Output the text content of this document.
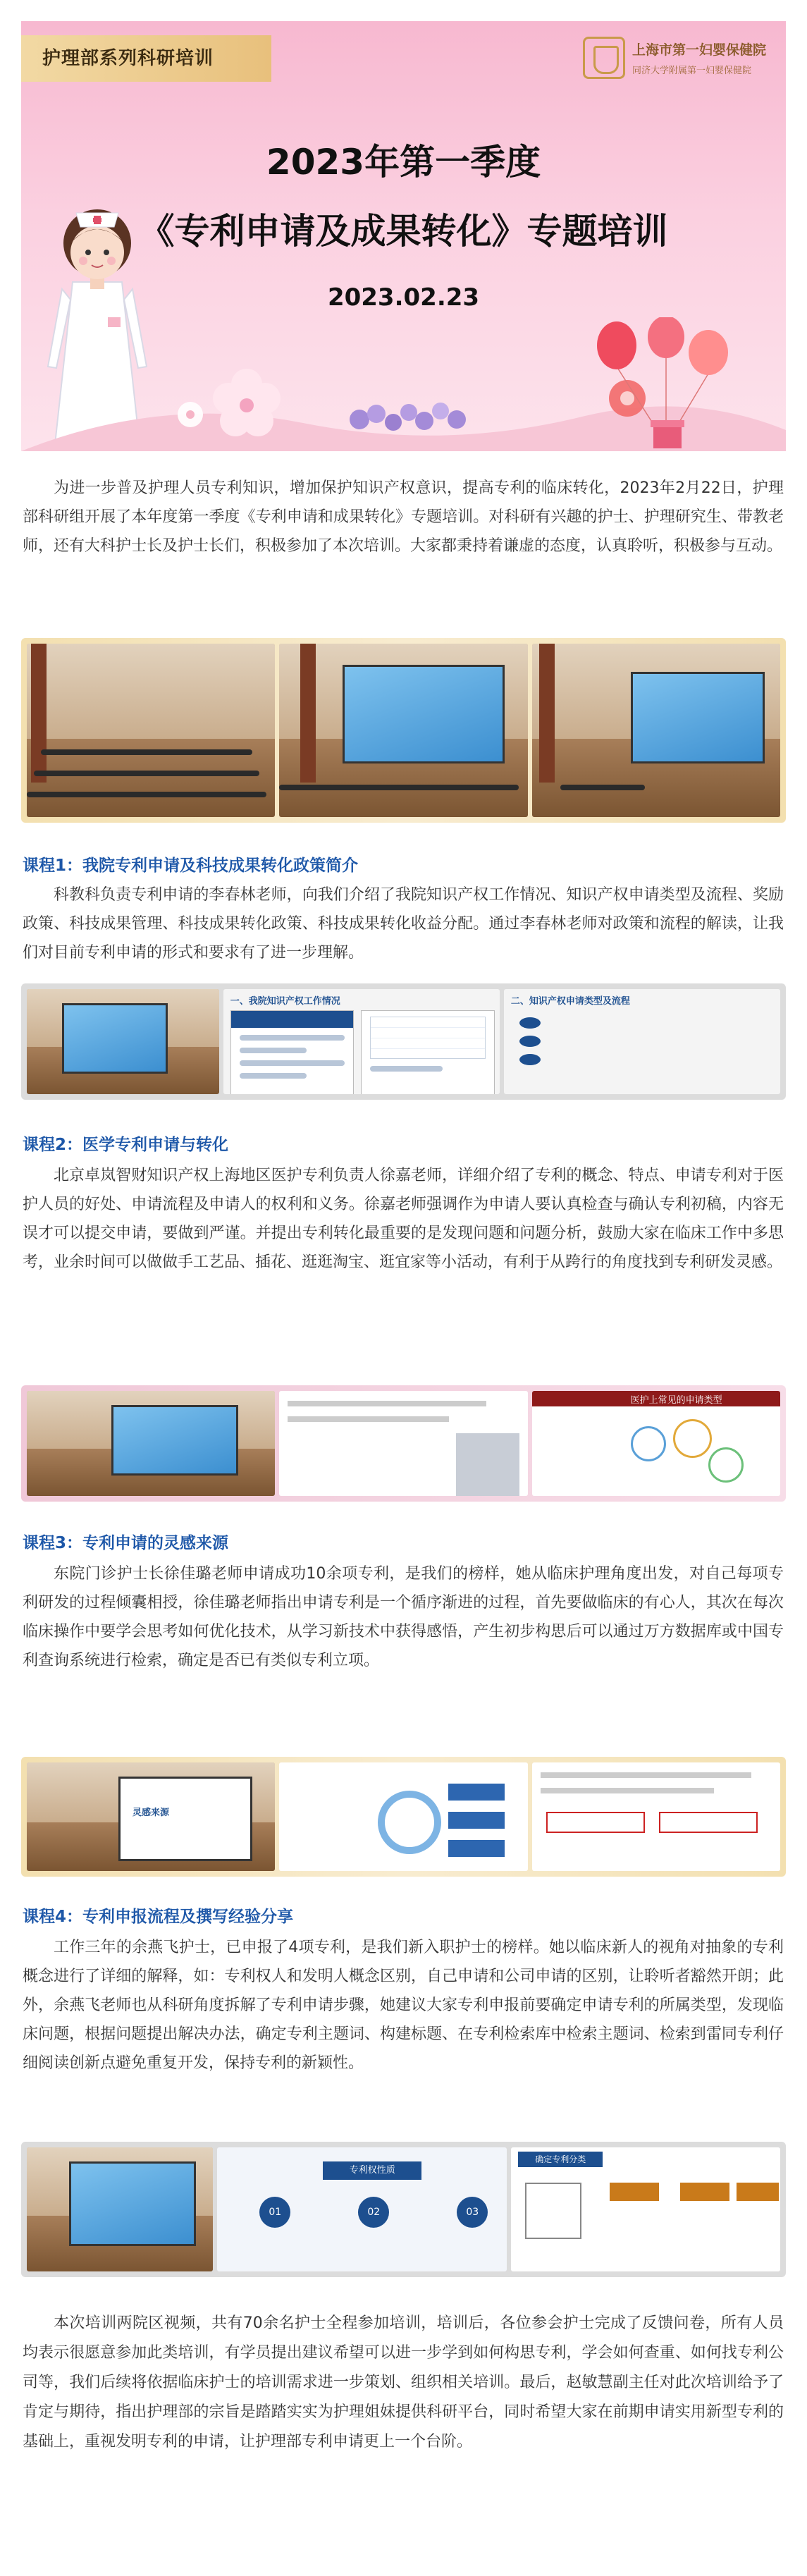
护理部系列科研培训	上海市第一妇婴保健院
同济大学附属第一妇婴保健院
2023年第一季度
《专利申请及成果转化》专题培训
2023.02.23

为进一步普及护理人员专利知识，增加保护知识产权意识，提高专利的临床转化，2023年2月22日，护理部科研组开展了本年度第一季度《专利申请和成果转化》专题培训。对科研有兴趣的护士、护理研究生、带教老师，还有大科护士长及护士长们，积极参加了本次培训。大家都秉持着谦虚的态度，认真聆听，积极参与互动。

课程1：我院专利申请及科技成果转化政策简介

科教科负责专利申请的李春林老师，向我们介绍了我院知识产权工作情况、知识产权申请类型及流程、奖励政策、科技成果管理、科技成果转化政策、科技成果转化收益分配。通过李春林老师对政策和流程的解读，让我们对目前专利申请的形式和要求有了进一步理解。

一、我院知识产权工作情况	二、知识产权申请类型及流程
课程2：医学专利申请与转化

北京卓岚智财知识产权上海地区医护专利负责人徐嘉老师，详细介绍了专利的概念、特点、申请专利对于医护人员的好处、申请流程及申请人的权利和义务。徐嘉老师强调作为申请人要认真检查与确认专利初稿，内容无误才可以提交申请，要做到严谨。并提出专利转化最重要的是发现问题和问题分析，鼓励大家在临床工作中多思考，业余时间可以做做手工艺品、插花、逛逛淘宝、逛宜家等小活动，有利于从跨行的角度找到专利研发灵感。

医护上常见的申请类型
课程3：专利申请的灵感来源

东院门诊护士长徐佳璐老师申请成功10余项专利，是我们的榜样，她从临床护理角度出发，对自己每项专利研发的过程倾囊相授，徐佳璐老师指出申请专利是一个循序渐进的过程，首先要做临床的有心人，其次在每次临床操作中要学会思考如何优化技术，从学习新技术中获得感悟，产生初步构思后可以通过万方数据库或中国专利查询系统进行检索，确定是否已有类似专利立项。

灵感来源
课程4：专利申报流程及撰写经验分享

工作三年的余燕飞护士，已申报了4项专利，是我们新入职护士的榜样。她以临床新人的视角对抽象的专利概念进行了详细的解释，如：专利权人和发明人概念区别，自己申请和公司申请的区别，让聆听者豁然开朗；此外，余燕飞老师也从科研角度拆解了专利申请步骤，她建议大家专利申报前要确定申请专利的所属类型，发现临床问题，根据问题提出解决办法，确定专利主题词、构建标题、在专利检索库中检索主题词、检索到雷同专利仔细阅读创新点避免重复开发，保持专利的新颖性。

专利权性质
01	02	03
确定专利分类

本次培训两院区视频，共有70余名护士全程参加培训，培训后，各位参会护士完成了反馈问卷，所有人员均表示很愿意参加此类培训，有学员提出建议希望可以进一步学到如何构思专利，学会如何查重、如何找专利公司等，我们后续将依据临床护士的培训需求进一步策划、组织相关培训。最后，赵敏慧副主任对此次培训给予了肯定与期待，指出护理部的宗旨是踏踏实实为护理姐妹提供科研平台，同时希望大家在前期申请实用新型专利的基础上，重视发明专利的申请，让护理部专利申请更上一个台阶。
